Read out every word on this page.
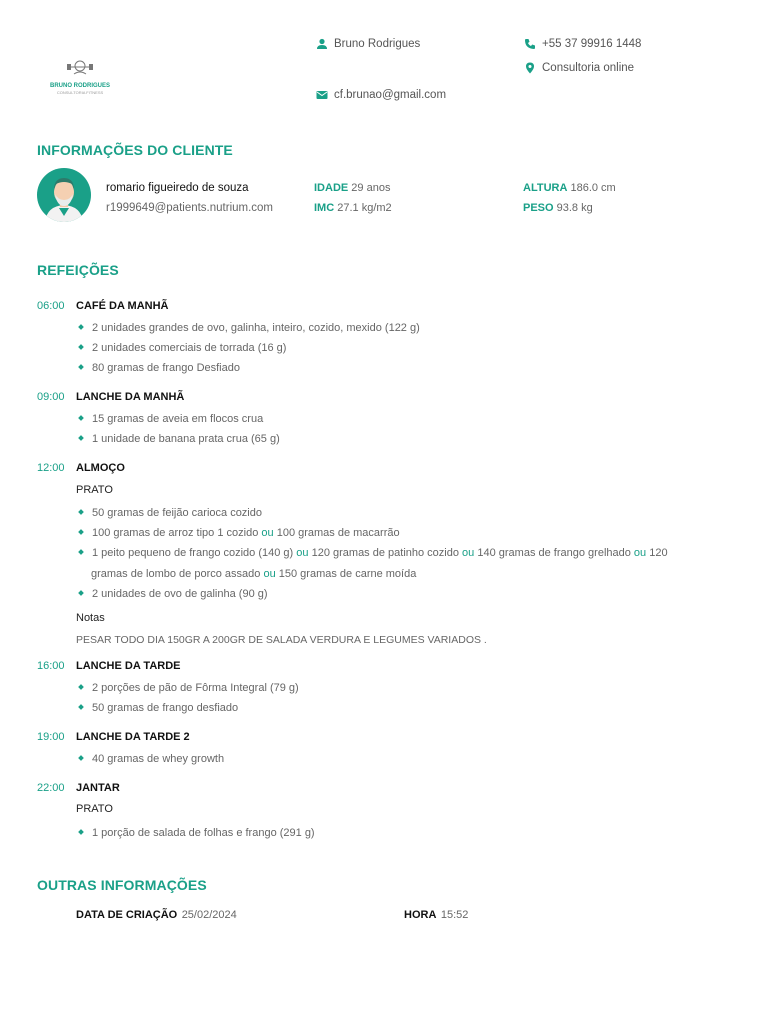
BRUNO RODRIGUES
CONSULTORIA FITNESS
Bruno Rodrigues	+55 37 99916 1448
Consultoria online
cf.brunao@gmail.com
INFORMAÇÕES DO CLIENTE
romario figueiredo de souza
r1999649@patients.nutrium.com
IDADE 29 anos
IMC 27.1 kg/m2
ALTURA 186.0 cm
PESO 93.8 kg
REFEIÇÕES
06:00 CAFÉ DA MANHÃ
2 unidades grandes de ovo, galinha, inteiro, cozido, mexido (122 g)
2 unidades comerciais de torrada (16 g)
80 gramas de frango Desfiado
09:00 LANCHE DA MANHÃ
15 gramas de aveia em flocos crua
1 unidade de banana prata crua (65 g)
12:00 ALMOÇO
PRATO
50 gramas de feijão carioca cozido
100 gramas de arroz tipo 1 cozido ou 100 gramas de macarrão
1 peito pequeno de frango cozido (140 g) ou 120 gramas de patinho cozido ou 140 gramas de frango grelhado ou 120
gramas de lombo de porco assado ou 150 gramas de carne moída
2 unidades de ovo de galinha (90 g)
Notas
PESAR TODO DIA 150GR A 200GR DE SALADA VERDURA E LEGUMES VARIADOS .
16:00 LANCHE DA TARDE
2 porções de pão de Fôrma Integral (79 g)
50 gramas de frango desfiado
19:00 LANCHE DA TARDE 2
40 gramas de whey growth
22:00 JANTAR
PRATO
1 porção de salada de folhas e frango (291 g)
OUTRAS INFORMAÇÕES
DATA DE CRIAÇÃO 25/02/2024	HORA 15:52
